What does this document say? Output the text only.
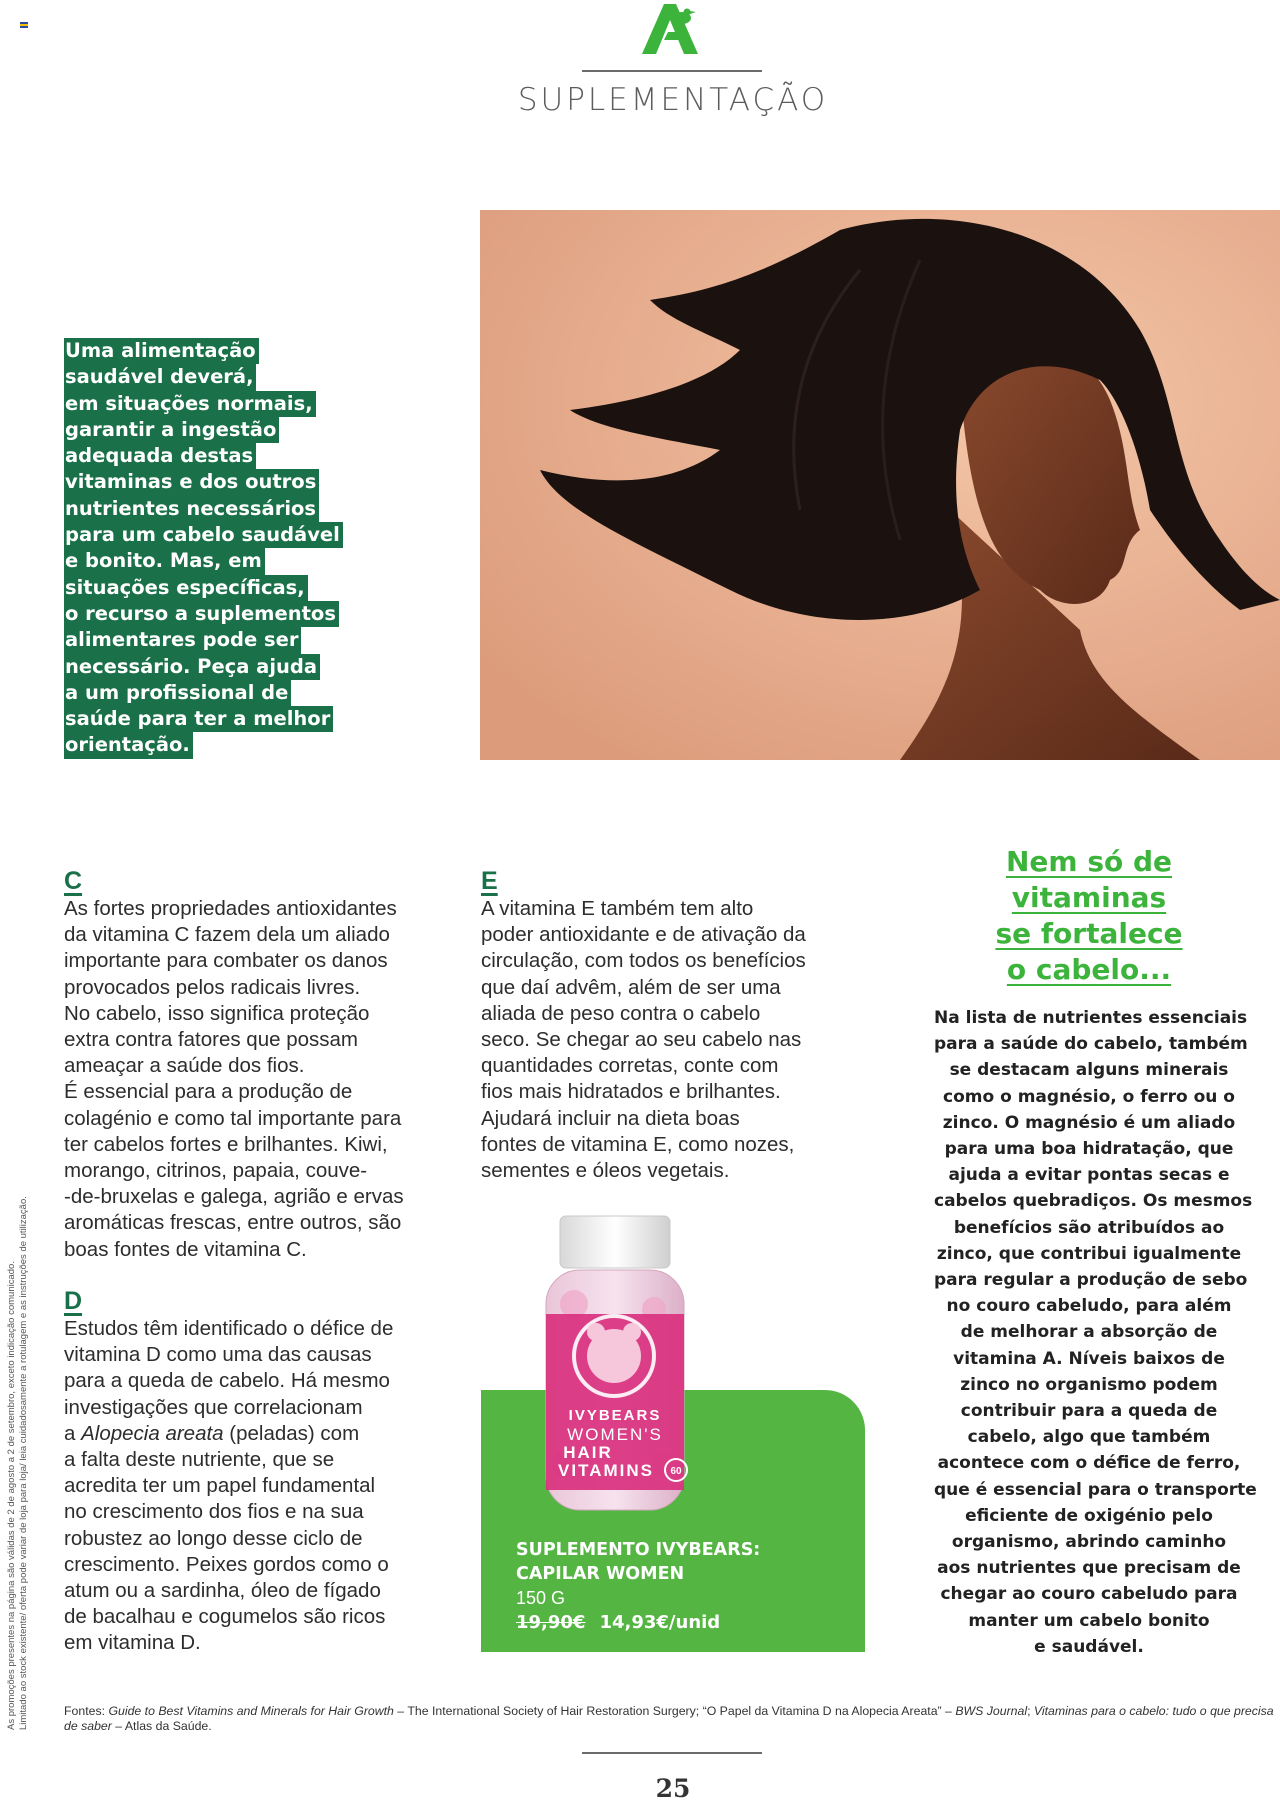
SUPLEMENTAÇÃO
Uma alimentação
saudável deverá,
em situações normais,
garantir a ingestão
adequada destas
vitaminas e dos outros
nutrientes necessários
para um cabelo saudável
e bonito. Mas, em
situações específicas,
o recurso a suplementos
alimentares pode ser
necessário. Peça ajuda
a um profissional de
saúde para ter a melhor
orientação.
C

As fortes propriedades antioxidantes

da vitamina C fazem dela um aliado

importante para combater os danos

provocados pelos radicais livres.

No cabelo, isso significa proteção

extra contra fatores que possam

ameaçar a saúde dos fios.

É essencial para a produção de

colagénio e como tal importante para

ter cabelos fortes e brilhantes. Kiwi,

morango, citrinos, papaia, couve-

-de-bruxelas e galega, agrião e ervas

aromáticas frescas, entre outros, são

boas fontes de vitamina C.

D

Estudos têm identificado o défice de

vitamina D como uma das causas

para a queda de cabelo. Há mesmo

investigações que correlacionam

a Alopecia areata (peladas) com

a falta deste nutriente, que se

acredita ter um papel fundamental

no crescimento dos fios e na sua

robustez ao longo desse ciclo de

crescimento. Peixes gordos como o

atum ou a sardinha, óleo de fígado

de bacalhau e cogumelos são ricos

em vitamina D.

E

A vitamina E também tem alto

poder antioxidante e de ativação da

circulação, com todos os benefícios

que daí advêm, além de ser uma

aliada de peso contra o cabelo

seco. Se chegar ao seu cabelo nas

quantidades corretas, conte com

fios mais hidratados e brilhantes.

Ajudará incluir na dieta boas

fontes de vitamina E, como nozes,

sementes e óleos vegetais.

IVYBEARS
WOMEN'S
HAIR
VITAMINS 60
SUPLEMENTO IVYBEARS:
CAPILAR WOMEN
150 G
19,90€ 14,93€/unid
Nem só de
vitaminas
se fortalece
o cabelo...
Na lista de nutrientes essenciais
para a saúde do cabelo, também
se destacam alguns minerais
como o magnésio, o ferro ou o
zinco. O magnésio é um aliado
para uma boa hidratação, que
ajuda a evitar pontas secas e
cabelos quebradiços. Os mesmos
benefícios são atribuídos ao
zinco, que contribui igualmente
para regular a produção de sebo
no couro cabeludo, para além
de melhorar a absorção de
vitamina A. Níveis baixos de
zinco no organismo podem
contribuir para a queda de
cabelo, algo que também
acontece com o défice de ferro,
que é essencial para o transporte
eficiente de oxigénio pelo
organismo, abrindo caminho
aos nutrientes que precisam de
chegar ao couro cabeludo para
manter um cabelo bonito
e saudável.
As promoções presentes na página são válidas de 2 de agosto a 2 de setembro, exceto indicação comunicado. Limitado ao stock existente/ oferta pode variar de loja para loja/ leia cuidadosamente a rotulagem e as instruções de utilização.	Fontes: Guide to Best Vitamins and Minerals for Hair Growth – The International Society of Hair Restoration Surgery; “O Papel da Vitamina D na Alopecia Areata” – BWS Journal; Vitaminas para o cabelo: tudo o que precisa de saber – Atlas da Saúde.
25
